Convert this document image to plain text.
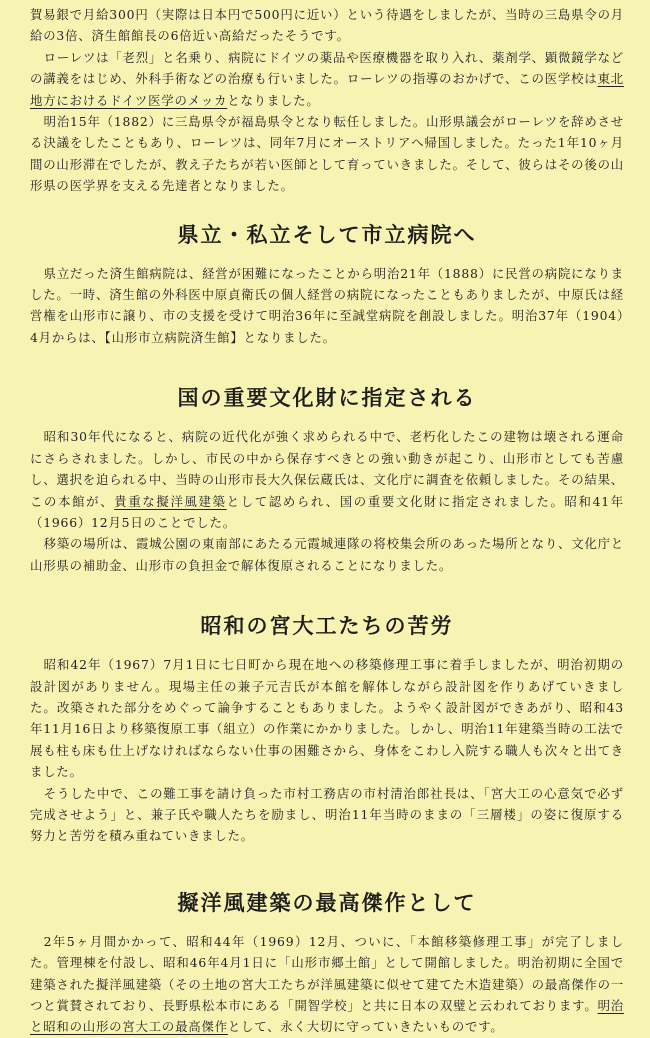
賀易銀で月給300円（実際は日本円で500円に近い）という待遇をしましたが、当時の三島県令の月給の3倍、済生館館長の6倍近い高給だったそうです。

ローレツは「老烈」と名乗り、病院にドイツの薬品や医療機器を取り入れ、薬剤学、顕微鏡学などの講義をはじめ、外科手術などの治療も行いました。ローレツの指導のおかげで、この医学校は東北地方におけるドイツ医学のメッカとなりました。

明治15年（1882）に三島県令が福島県令となり転任しました。山形県議会がローレツを辞めさせる決議をしたこともあり、ローレツは、同年7月にオーストリアへ帰国しました。たった1年10ヶ月間の山形滞在でしたが、教え子たちが若い医師として育っていきました。そして、彼らはその後の山形県の医学界を支える先達者となりました。

県立・私立そして市立病院へ

県立だった済生館病院は、経営が困難になったことから明治21年（1888）に民営の病院になりました。一時、済生館の外科医中原貞衛氏の個人経営の病院になったこともありましたが、中原氏は経営権を山形市に譲り、市の支援を受けて明治36年に至誠堂病院を創設しました。明治37年（1904）4月からは、【山形市立病院済生館】となりました。

国の重要文化財に指定される

昭和30年代になると、病院の近代化が強く求められる中で、老朽化したこの建物は壊される運命にさらされました。しかし、市民の中から保存すべきとの強い動きが起こり、山形市としても苦慮し、選択を迫られる中、当時の山形市長大久保伝蔵氏は、文化庁に調査を依頼しました。その結果、この本館が、貴重な擬洋風建築として認められ、国の重要文化財に指定されました。昭和41年（1966）12月5日のことでした。

移築の場所は、霞城公園の東南部にあたる元霞城連隊の将校集会所のあった場所となり、文化庁と山形県の補助金、山形市の負担金で解体復原されることになりました。

昭和の宮大工たちの苦労

昭和42年（1967）7月1日に七日町から現在地への移築修理工事に着手しましたが、明治初期の設計図がありません。現場主任の兼子元吉氏が本館を解体しながら設計図を作りあげていきました。改築された部分をめぐって論争することもありました。ようやく設計図ができあがり、昭和43年11月16日より移築復原工事（組立）の作業にかかりました。しかし、明治11年建築当時の工法で展も柱も床も仕上げなければならない仕事の困難さから、身体をこわし入院する職人も次々と出てきました。

そうした中で、この難工事を請け負った市村工務店の市村清治郎社長は、「宮大工の心意気で必ず完成させよう」と、兼子氏や職人たちを励まし、明治11年当時のままの「三層楼」の姿に復原する努力と苦労を積み重ねていきました。

擬洋風建築の最高傑作として

2年5ヶ月間かかって、昭和44年（1969）12月、ついに、「本館移築修理工事」が完了しました。管理棟を付設し、昭和46年4月1日に「山形市郷土館」として開館しました。明治初期に全国で建築された擬洋風建築（その土地の宮大工たちが洋風建築に似せて建てた木造建築）の最高傑作の一つと賞賛されており、長野県松本市にある「開智学校」と共に日本の双璧と云われております。明治と昭和の山形の宮大工の最高傑作として、永く大切に守っていきたいものです。
